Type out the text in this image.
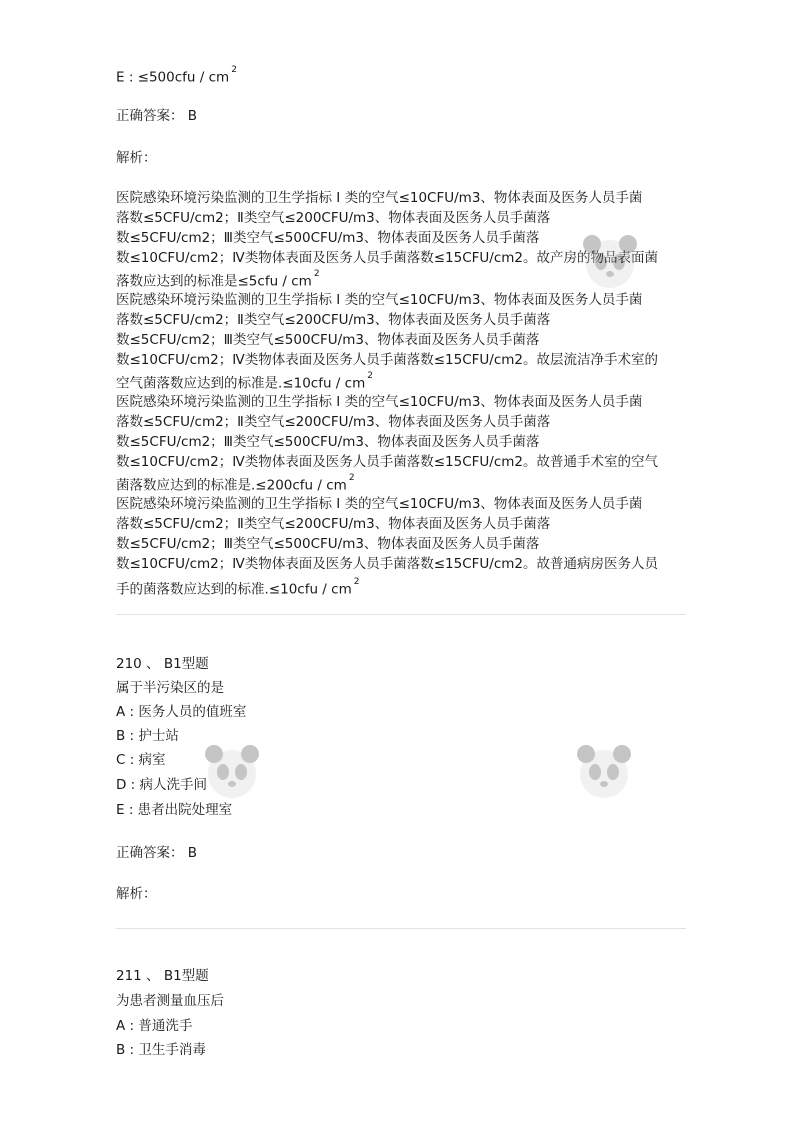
E : ≤500cfu / cm $^2$
正确答案： B
解析：
医院感染环境污染监测的卫生学指标 I 类的空气≤10CFU/m3、物体表面及医务人员手菌
落数≤5CFU/cm2；Ⅱ类空气≤200CFU/m3、物体表面及医务人员手菌落
数≤5CFU/cm2；Ⅲ类空气≤500CFU/m3、物体表面及医务人员手菌落
数≤10CFU/cm2；Ⅳ类物体表面及医务人员手菌落数≤15CFU/cm2。故产房的物品表面菌
落数应达到的标准是≤5cfu / cm $^2$
医院感染环境污染监测的卫生学指标 I 类的空气≤10CFU/m3、物体表面及医务人员手菌
落数≤5CFU/cm2；Ⅱ类空气≤200CFU/m3、物体表面及医务人员手菌落
数≤5CFU/cm2；Ⅲ类空气≤500CFU/m3、物体表面及医务人员手菌落
数≤10CFU/cm2；Ⅳ类物体表面及医务人员手菌落数≤15CFU/cm2。故层流洁净手术室的
空气菌落数应达到的标准是.≤10cfu / cm $^2$
医院感染环境污染监测的卫生学指标 I 类的空气≤10CFU/m3、物体表面及医务人员手菌
落数≤5CFU/cm2；Ⅱ类空气≤200CFU/m3、物体表面及医务人员手菌落
数≤5CFU/cm2；Ⅲ类空气≤500CFU/m3、物体表面及医务人员手菌落
数≤10CFU/cm2；Ⅳ类物体表面及医务人员手菌落数≤15CFU/cm2。故普通手术室的空气
菌落数应达到的标准是.≤200cfu / cm $^2$
医院感染环境污染监测的卫生学指标 I 类的空气≤10CFU/m3、物体表面及医务人员手菌
落数≤5CFU/cm2；Ⅱ类空气≤200CFU/m3、物体表面及医务人员手菌落
数≤5CFU/cm2；Ⅲ类空气≤500CFU/m3、物体表面及医务人员手菌落
数≤10CFU/cm2；Ⅳ类物体表面及医务人员手菌落数≤15CFU/cm2。故普通病房医务人员
手的菌落数应达到的标准.≤10cfu / cm $^2$
210 、 B1型题
属于半污染区的是
A : 医务人员的值班室
B : 护士站
C : 病室
D : 病人洗手间
E : 患者出院处理室
正确答案： B
解析：
211 、 B1型题
为患者测量血压后
A : 普通洗手
B : 卫生手消毒
